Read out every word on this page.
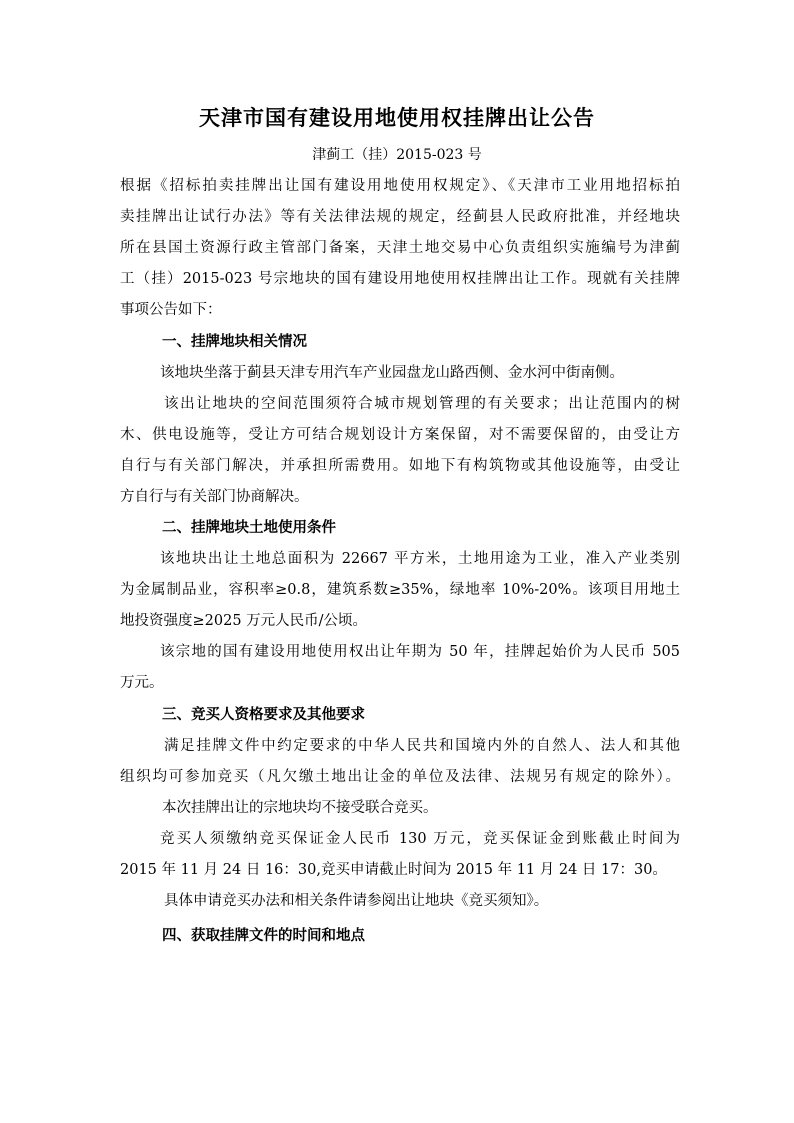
天津市国有建设用地使用权挂牌出让公告
津蓟工（挂）2015-023 号
根据《招标拍卖挂牌出让国有建设用地使用权规定》、《天津市工业用地招标拍
卖挂牌出让试行办法》等有关法律法规的规定，经蓟县人民政府批准，并经地块
所在县国土资源行政主管部门备案，天津土地交易中心负责组织实施编号为津蓟
工（挂）2015-023 号宗地块的国有建设用地使用权挂牌出让工作。现就有关挂牌
事项公告如下：
一、挂牌地块相关情况
该地块坐落于蓟县天津专用汽车产业园盘龙山路西侧、金水河中街南侧。
该出让地块的空间范围须符合城市规划管理的有关要求；出让范围内的树
木、供电设施等，受让方可结合规划设计方案保留，对不需要保留的，由受让方
自行与有关部门解决，并承担所需费用。如地下有构筑物或其他设施等，由受让
方自行与有关部门协商解决。
二、挂牌地块土地使用条件
该地块出让土地总面积为 22667 平方米，土地用途为工业，准入产业类别
为金属制品业，容积率≥0.8，建筑系数≥35%，绿地率 10%-20%。该项目用地土
地投资强度≥2025 万元人民币/公顷。
该宗地的国有建设用地使用权出让年期为 50 年，挂牌起始价为人民币 505
万元。
三、竞买人资格要求及其他要求
满足挂牌文件中约定要求的中华人民共和国境内外的自然人、法人和其他
组织均可参加竞买（凡欠缴土地出让金的单位及法律、法规另有规定的除外）。
本次挂牌出让的宗地块均不接受联合竞买。
竞买人须缴纳竞买保证金人民币 130 万元，竞买保证金到账截止时间为
2015 年 11 月 24 日 16：30,竞买申请截止时间为 2015 年 11 月 24 日 17：30。
具体申请竞买办法和相关条件请参阅出让地块《竞买须知》。
四、获取挂牌文件的时间和地点
